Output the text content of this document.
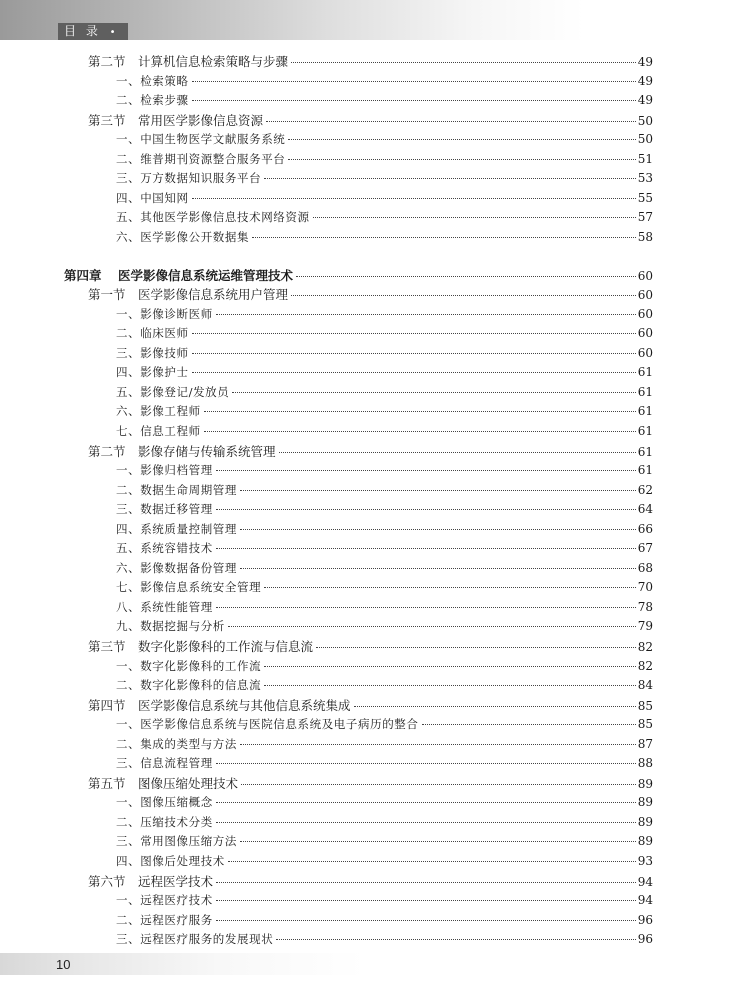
目 录 •
第二节 计算机信息检索策略与步骤	49
一、检索策略	49
二、检索步骤	49
第三节 常用医学影像信息资源	50
一、中国生物医学文献服务系统	50
二、维普期刊资源整合服务平台	51
三、万方数据知识服务平台	53
四、中国知网	55
五、其他医学影像信息技术网络资源	57
六、医学影像公开数据集	58
第四章	医学影像信息系统运维管理技术	60
第一节 医学影像信息系统用户管理	60
一、影像诊断医师	60
二、临床医师	60
三、影像技师	60
四、影像护士	61
五、影像登记/发放员	61
六、影像工程师	61
七、信息工程师	61
第二节 影像存储与传输系统管理	61
一、影像归档管理	61
二、数据生命周期管理	62
三、数据迁移管理	64
四、系统质量控制管理	66
五、系统容错技术	67
六、影像数据备份管理	68
七、影像信息系统安全管理	70
八、系统性能管理	78
九、数据挖掘与分析	79
第三节 数字化影像科的工作流与信息流	82
一、数字化影像科的工作流	82
二、数字化影像科的信息流	84
第四节 医学影像信息系统与其他信息系统集成	85
一、医学影像信息系统与医院信息系统及电子病历的整合	85
二、集成的类型与方法	87
三、信息流程管理	88
第五节 图像压缩处理技术	89
一、图像压缩概念	89
二、压缩技术分类	89
三、常用图像压缩方法	89
四、图像后处理技术	93
第六节 远程医学技术	94
一、远程医疗技术	94
二、远程医疗服务	96
三、远程医疗服务的发展现状	96
10
